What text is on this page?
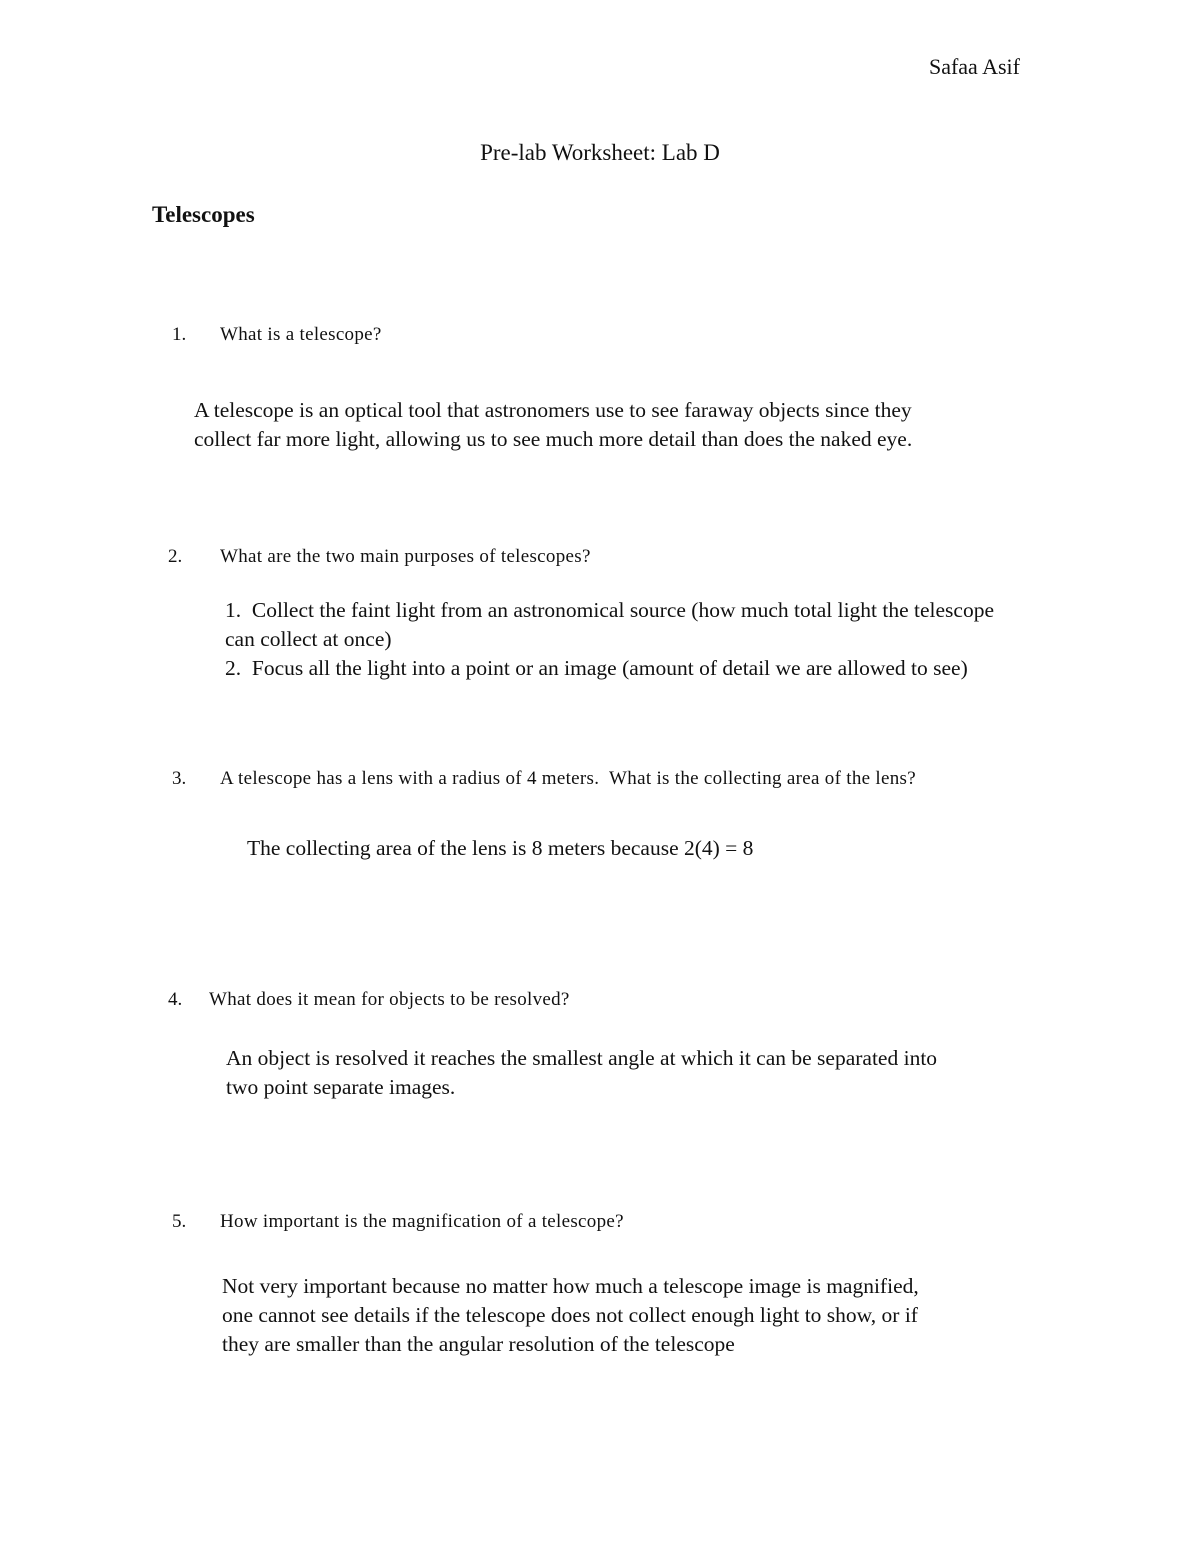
Safaa Asif
Pre-lab Worksheet: Lab D
Telescopes
1. What is a telescope?
A telescope is an optical tool that astronomers use to see faraway objects since they
collect far more light, allowing us to see much more detail than does the naked eye.
2. What are the two main purposes of telescopes?
1.  Collect the faint light from an astronomical source (how much total light the telescope
can collect at once)
2.  Focus all the light into a point or an image (amount of detail we are allowed to see)
3. A telescope has a lens with a radius of 4 meters.  What is the collecting area of the lens?
The collecting area of the lens is 8 meters because 2(4) = 8
4. What does it mean for objects to be resolved?
An object is resolved it reaches the smallest angle at which it can be separated into
two point separate images.
5. How important is the magnification of a telescope?
Not very important because no matter how much a telescope image is magnified,
one cannot see details if the telescope does not collect enough light to show, or if
they are smaller than the angular resolution of the telescope
